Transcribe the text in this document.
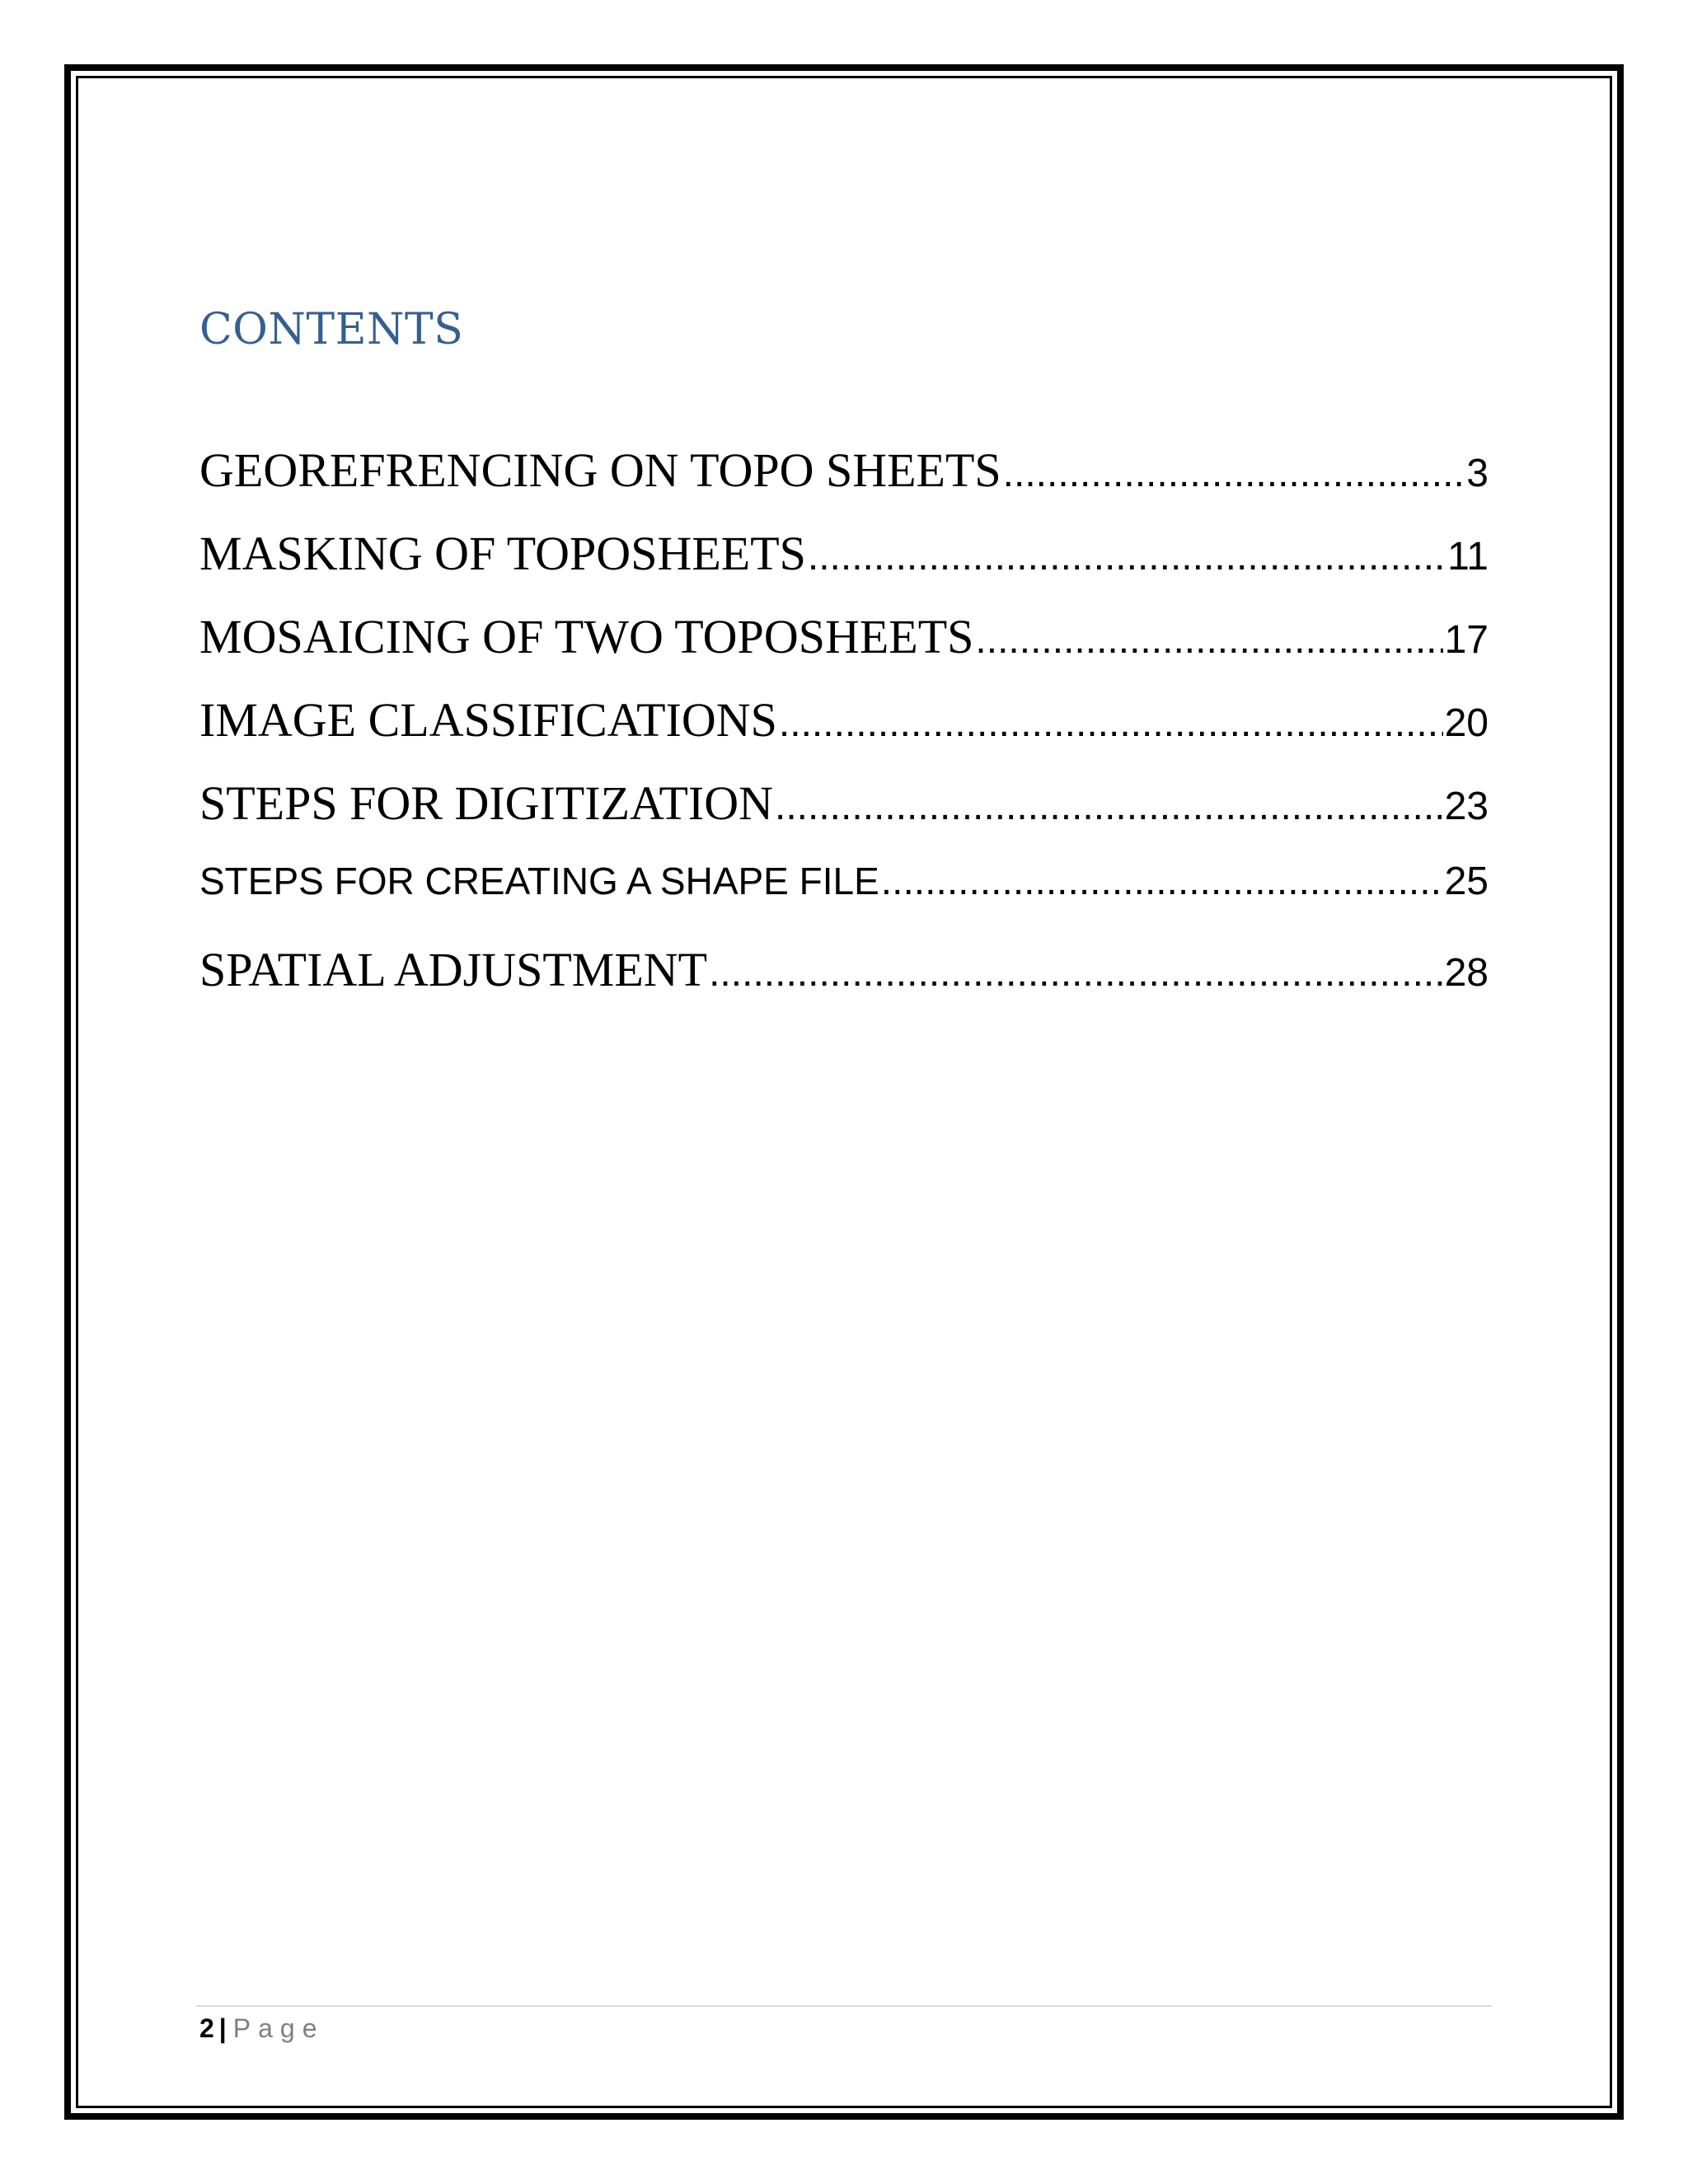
CONTENTS
GEOREFRENCING ON TOPO SHEETS .....	3
MASKING OF TOPOSHEETS .....	11
MOSAICING OF TWO TOPOSHEETS .....	17
IMAGE CLASSIFICATIONS .....	20
STEPS FOR DIGITIZATION .....	23
STEPS FOR CREATING A SHAPE FILE .....	25
SPATIAL ADJUSTMENT .....	28
2 | Page
